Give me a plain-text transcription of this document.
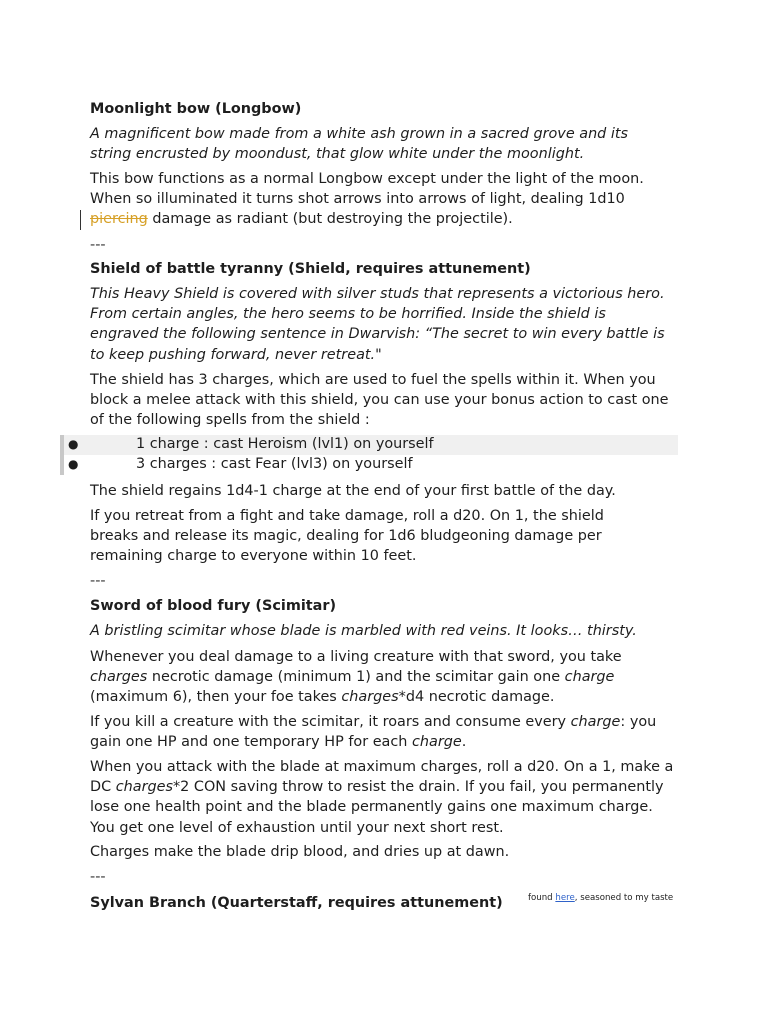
Moonlight bow (Longbow)
A magnificent bow made from a white ash grown in a sacred grove and its string encrusted by moondust, that glow white under the moonlight.
This bow functions as a normal Longbow except under the light of the moon. When so illuminated it turns shot arrows into arrows of light, dealing 1d10 piercing damage as radiant (but destroying the projectile).
---
Shield of battle tyranny (Shield, requires attunement)
This Heavy Shield is covered with silver studs that represents a victorious hero. From certain angles, the hero seems to be horrified. Inside the shield is engraved the following sentence in Dwarvish: “The secret to win every battle is to keep pushing forward, never retreat."
The shield has 3 charges, which are used to fuel the spells within it. When you block a melee attack with this shield, you can use your bonus action to cast one of the following spells from the shield :
●	1 charge : cast Heroism (lvl1) on yourself
●	3 charges : cast Fear (lvl3) on yourself
The shield regains 1d4-1 charge at the end of your first battle of the day.
If you retreat from a fight and take damage, roll a d20. On 1, the shield breaks and release its magic, dealing for 1d6 bludgeoning damage per remaining charge to everyone within 10 feet.
---
Sword of blood fury (Scimitar)
A bristling scimitar whose blade is marbled with red veins. It looks… thirsty.
Whenever you deal damage to a living creature with that sword, you take charges necrotic damage (minimum 1) and the scimitar gain one charge (maximum 6), then your foe takes charges*d4 necrotic damage.
If you kill a creature with the scimitar, it roars and consume every charge: you gain one HP and one temporary HP for each charge.
When you attack with the blade at maximum charges, roll a d20. On a 1, make a DC charges*2 CON saving throw to resist the drain. If you fail, you permanently lose one health point and the blade permanently gains one maximum charge. You get one level of exhaustion until your next short rest.
Charges make the blade drip blood, and dries up at dawn.
---
Sylvan Branch (Quarterstaff, requires attunement)	found here, seasoned to my taste
